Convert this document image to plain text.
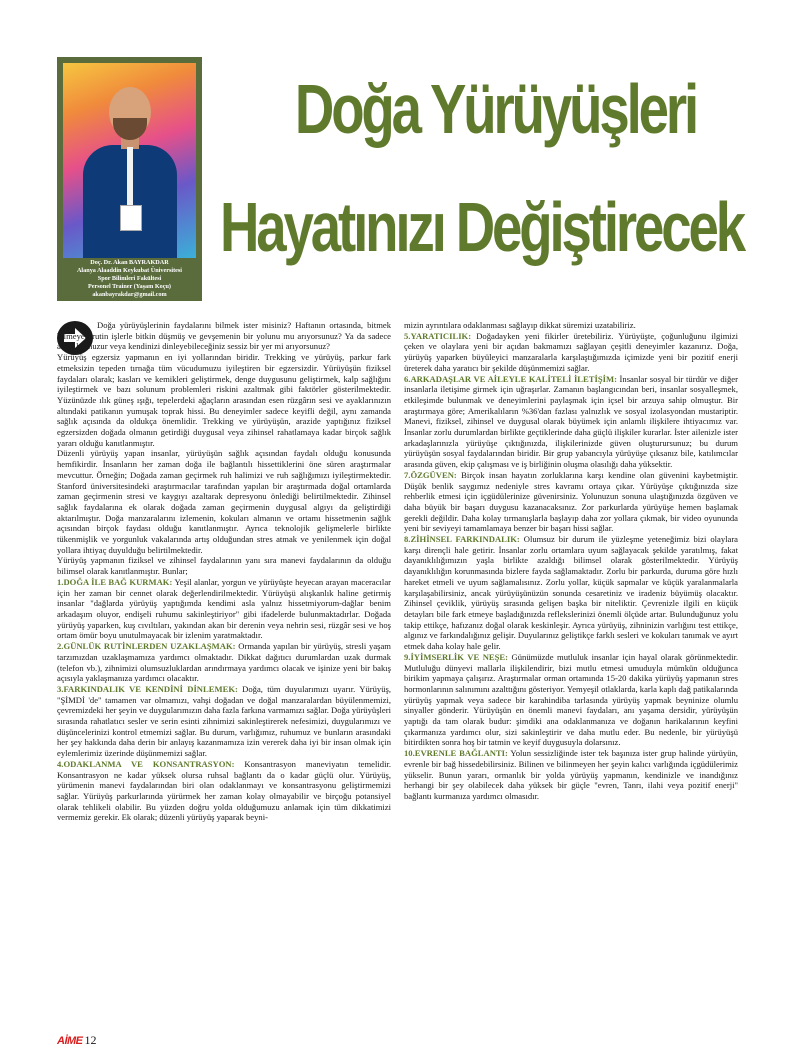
Doç. Dr. Akan BAYRAKDAR
Alanya Alaaddin Keykubat Üniversitesi
Spor Bilimleri Fakültesi
Personel Trainer (Yaşam Koçu)
akanbayrakdar@gmail.com
Doğa Yürüyüşleri
Hayatınızı Değiştirecek

Doğa yürüyüşlerinin faydalarını bilmek ister misiniz? Haftanın ortasında, bitmek bilmeyen rutin işlerle bitkin düşmüş ve gevşemenin bir yolunu mu arıyorsunuz? Ya da sadece anlık bir huzur veya kendinizi dinleyebileceğiniz sessiz bir yer mi arıyorsunuz?

Yürüyüş egzersiz yapmanın en iyi yollarından biridir. Trekking ve yürüyüş, parkur fark etmeksizin tepeden tırnağa tüm vücudumuzu iyileştiren bir egzersizdir. Yürüyüşün fiziksel faydaları olarak; kasları ve kemikleri geliştirmek, denge duygusunu geliştirmek, kalp sağlığını iyileştirmek ve bazı solunum problemleri riskini azaltmak gibi faktörler gösterilmektedir. Yüzünüzde ılık güneş ışığı, tepelerdeki ağaçların arasından esen rüzgârın sesi ve ayaklarınızın altındaki patikanın yumuşak toprak hissi. Bu deneyimler sadece keyifli değil, aynı zamanda sağlık açısında da oldukça önemlidir. Trekking ve yürüyüşün, arazide yaptığınız fiziksel egzersizden doğada olmanın getirdiği duygusal veya zihinsel rahatlamaya kadar birçok sağlık yararı olduğu kanıtlanmıştır.

Düzenli yürüyüş yapan insanlar, yürüyüşün sağlık açısından faydalı olduğu konusunda hemfikirdir. İnsanların her zaman doğa ile bağlantılı hissettiklerini öne süren araştırmalar mevcuttur. Örneğin; Doğada zaman geçirmek ruh halimizi ve ruh sağlığımızı iyileştirmektedir. Stanford üniversitesindeki araştırmacılar tarafından yapılan bir araştırmada doğal ortamlarda zaman geçirmenin stresi ve kaygıyı azaltarak depresyonu önlediği belirtilmektedir. Zihinsel sağlık faydalarına ek olarak doğada zaman geçirmenin duygusal algıyı da geliştirdiği aktarılmıştır. Doğa manzaralarını izlemenin, kokuları almanın ve ortamı hissetmenin sağlık açısından birçok faydası olduğu kanıtlanmıştır. Ayrıca teknolojik gelişmelerle birlikte tükenmişlik ve yorgunluk vakalarında artış olduğundan stres atmak ve yenilenmek için doğal yollara ihtiyaç duyulduğu belirtilmektedir.

Yürüyüş yapmanın fiziksel ve zihinsel faydalarının yanı sıra manevi faydalarının da olduğu bilimsel olarak kanıtlanmıştır. Bunlar;

1.DOĞA İLE BAĞ KURMAK: Yeşil alanlar, yorgun ve yürüyüşte heyecan arayan maceracılar için her zaman bir cennet olarak değerlendirilmektedir. Yürüyüşü alışkanlık haline getirmiş insanlar "dağlarda yürüyüş yaptığımda kendimi asla yalnız hissetmiyorum-dağlar benim arkadaşım oluyor, endişeli ruhumu sakinleştiriyor" gibi ifadelerde bulunmaktadırlar. Doğada yürüyüş yaparken, kuş cıvıltıları, yakından akan bir derenin veya nehrin sesi, rüzgâr sesi ve hoş ortam ömür boyu unutulmayacak bir izlenim yaratmaktadır.

2.GÜNLÜK RUTİNLERDEN UZAKLAŞMAK: Ormanda yapılan bir yürüyüş, stresli yaşam tarzımızdan uzaklaşmamıza yardımcı olmaktadır. Dikkat dağıtıcı durumlardan uzak durmak (telefon vb.), zihnimizi olumsuzluklardan arındırmaya yardımcı olacak ve işinize yeni bir bakış açısıyla yaklaşmanıza yardımcı olacaktır.

3.FARKINDALIK VE KENDİNİ DİNLEMEK: Doğa, tüm duyularımızı uyarır. Yürüyüş, "ŞİMDİ 'de" tamamen var olmamızı, vahşi doğadan ve doğal manzaralardan büyülenmemizi, çevremizdeki her şeyin ve duygularımızın daha fazla farkına varmamızı sağlar. Doğa yürüyüşleri sırasında rahatlatıcı sesler ve serin esinti zihnimizi sakinleştirerek nefesimizi, duygularımızı ve düşüncelerinizi kontrol etmemizi sağlar. Bu durum, varlığımız, ruhumuz ve bunların arasındaki her şey hakkında daha derin bir anlayış kazanmamıza izin vererek daha iyi bir insan olmak için eylemlerimiz üzerinde düşünmemizi sağlar.

4.ODAKLANMA VE KONSANTRASYON: Konsantrasyon maneviyatın temelidir. Konsantrasyon ne kadar yüksek olursa ruhsal bağlantı da o kadar güçlü olur. Yürüyüş, yürümenin manevi faydalarından biri olan odaklanmayı ve konsantrasyonu geliştirmemizi sağlar. Yürüyüş parkurlarında yürürmek her zaman kolay olmayabilir ve birçoğu potansiyel olarak tehlikeli olabilir. Bu yüzden doğru yolda olduğumuzu anlamak için tüm dikkatimizi vermemiz gerekir. Ek olarak; düzenli yürüyüş yaparak beyni-

mizin ayrıntılara odaklanması sağlayıp dikkat süremizi uzatabiliriz.

5.YARATICILIK: Doğadayken yeni fikirler üretebiliriz. Yürüyüşte, çoğunluğunu ilgimizi çeken ve olaylara yeni bir açıdan bakmamızı sağlayan çeşitli deneyimler kazanırız. Doğa, yürüyüş yaparken büyüleyici manzaralarla karşılaştığımızda içimizde yeni bir pozitif enerji üreterek daha yaratıcı bir şekilde düşünmemizi sağlar.

6.ARKADAŞLAR VE AİLEYLE KALİTELİ İLETİŞİM: İnsanlar sosyal bir türdür ve diğer insanlarla iletişime girmek için uğraşırlar. Zamanın başlangıcından beri, insanlar sosyalleşmek, etkileşimde bulunmak ve deneyimlerini paylaşmak için içsel bir arzuya sahip olmuştur. Bir araştırmaya göre; Amerikalıların %36'dan fazlası yalnızlık ve sosyal izolasyondan mustariptir. Manevi, fiziksel, zihinsel ve duygusal olarak büyümek için anlamlı ilişkilere ihtiyacımız var. İnsanlar zorlu durumlardan birlikte geçtiklerinde daha güçlü ilişkiler kurarlar. İster ailenizle ister arkadaşlarınızla yürüyüşe çıktığınızda, ilişkilerinizde güven oluşturursunuz; bu durum yürüyüşün sosyal faydalarından biridir. Bir grup yabancıyla yürüyüşe çıksanız bile, katılımcılar arasında güven, ekip çalışması ve iş birliğinin oluşma olasılığı daha yüksektir.

7.ÖZGÜVEN: Birçok insan hayatın zorluklarına karşı kendine olan güvenini kaybetmiştir. Düşük benlik saygımız nedeniyle stres kavramı ortaya çıkar. Yürüyüşe çıktığınızda size rehberlik etmesi için içgüdülerinize güvenirsiniz. Yolunuzun sonuna ulaştığınızda özgüven ve daha büyük bir başarı duygusu kazanacaksınız. Zor parkurlarda yürüyüşe hemen başlamak gerekli değildir. Daha kolay tırmanışlarla başlayıp daha zor yollara çıkmak, bir video oyununda yeni bir seviyeyi tamamlamaya benzer bir başarı hissi sağlar.

8.ZİHİNSEL FARKINDALIK: Olumsuz bir durum ile yüzleşme yeteneğimiz bizi olaylara karşı dirençli hale getirir. İnsanlar zorlu ortamlara uyum sağlayacak şekilde yaratılmış, fakat dayanıklılığımızın yaşla birlikte azaldığı bilimsel olarak gösterilmektedir. Yürüyüş dayanıklılığın korunmasında bizlere fayda sağlamaktadır. Zorlu bir parkurda, duruma göre hızlı hareket etmeli ve uyum sağlamalısınız. Zorlu yollar, küçük sapmalar ve küçük yaralanmalarla karşılaşabilirsiniz, ancak yürüyüşünüzün sonunda cesaretiniz ve iradeniz büyümüş olacaktır. Zihinsel çeviklik, yürüyüş sırasında gelişen başka bir niteliktir. Çevrenizle ilgili en küçük detayları bile fark etmeye başladığınızda reflekslerinizi önemli ölçüde artar. Bulunduğunuz yolu takip ettikçe, hafızanız doğal olarak keskinleşir. Ayrıca yürüyüş, zihninizin varlığını test ettikçe, algınız ve farkındalığınız gelişir. Duyularınız geliştikçe farklı sesleri ve kokuları tanımak ve ayırt etmek daha kolay hale gelir.

9.İYİMSERLİK VE NEŞE: Günümüzde mutluluk insanlar için hayal olarak görünmektedir. Mutluluğu dünyevi mallarla ilişkilendirir, bizi mutlu etmesi umuduyla mümkün olduğunca birikim yapmaya çalışırız. Araştırmalar orman ortamında 15-20 dakika yürüyüş yapmanın stres hormonlarının salınımını azalttığını gösteriyor. Yemyeşil otlaklarda, karla kaplı dağ patikalarında yürüyüş yapmak veya sadece bir karahindiba tarlasında yürüyüş yapmak beyninize olumlu sinyaller gönderir. Yürüyüşün en önemli manevi faydaları, anı yaşama dersidir, yürüyüşün yaptığı da tam olarak budur: şimdiki ana odaklanmanıza ve doğanın harikalarının keyfini çıkarmanıza yardımcı olur, sizi sakinleştirir ve daha mutlu eder. Bu nedenle, bir yürüyüşü bitirdikten sonra hoş bir tatmin ve keyif duygusuyla dolarsınız.

10.EVRENLE BAĞLANTI: Yolun sessizliğinde ister tek başınıza ister grup halinde yürüyün, evrenle bir bağ hissedebilirsiniz. Bilinen ve bilinmeyen her şeyin kalıcı varlığında içgüdülerimiz yükselir. Bunun yararı, ormanlık bir yolda yürüyüş yapmanın, kendinizle ve inandığınız herhangi bir şey olabilecek daha yüksek bir güçle "evren, Tanrı, ilahi veya pozitif enerji" bağlantı kurmanıza yardımcı olmasıdır.

AİME 12
